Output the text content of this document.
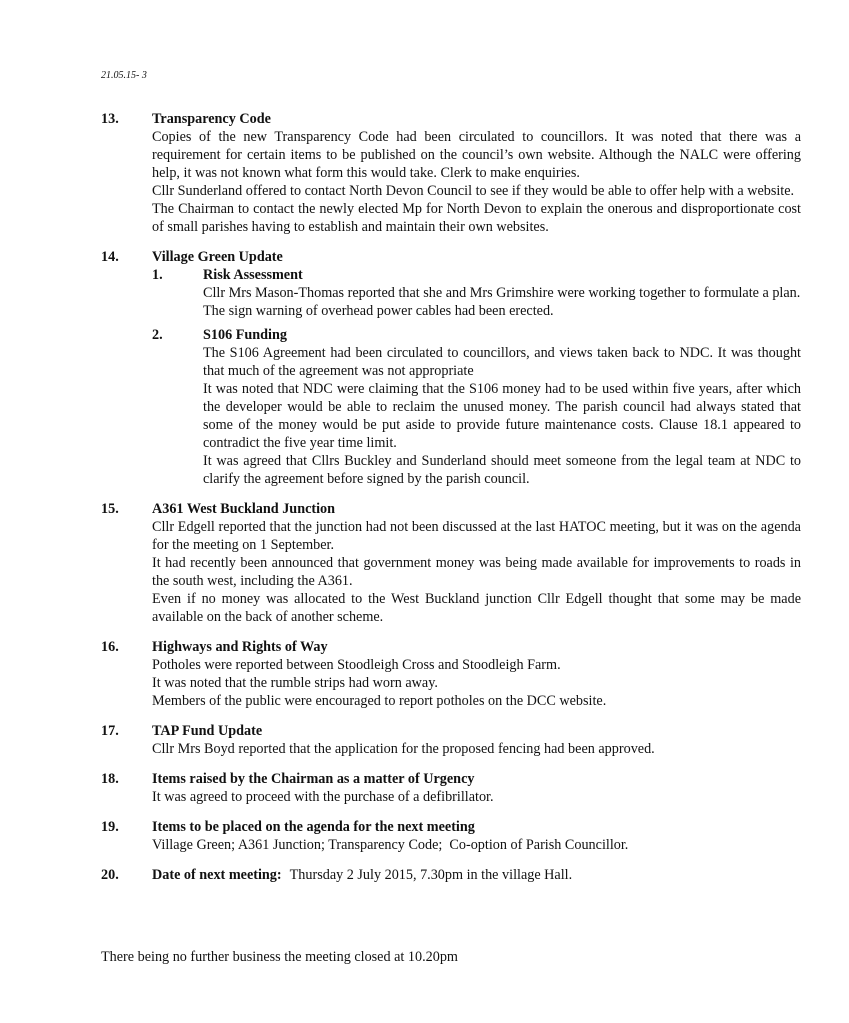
21.05.15- 3
13. Transparency Code
Copies of the new Transparency Code had been circulated to councillors. It was noted that there was a requirement for certain items to be published on the council’s own website. Although the NALC were offering help, it was not known what form this would take. Clerk to make enquiries.
Cllr Sunderland offered to contact North Devon Council to see if they would be able to offer help with a website.
The Chairman to contact the newly elected Mp for North Devon to explain the onerous and disproportionate cost of small parishes having to establish and maintain their own websites.
14. Village Green Update
1.	Risk Assessment
Cllr Mrs Mason-Thomas reported that she and Mrs Grimshire were working together to formulate a plan.
The sign warning of overhead power cables had been erected.
2.	S106 Funding
The S106 Agreement had been circulated to councillors, and views taken back to NDC. It was thought that much of the agreement was not appropriate
It was noted that NDC were claiming that the S106 money had to be used within five years, after which the developer would be able to reclaim the unused money. The parish council had always stated that some of the money would be put aside to provide future maintenance costs. Clause 18.1 appeared to contradict the five year time limit.
It was agreed that Cllrs Buckley and Sunderland should meet someone from the legal team at NDC to clarify the agreement before signed by the parish council.
15. A361 West Buckland Junction
Cllr Edgell reported that the junction had not been discussed at the last HATOC meeting, but it was on the agenda for the meeting on 1 September.
It had recently been announced that government money was being made available for improvements to roads in the south west, including the A361.
Even if no money was allocated to the West Buckland junction Cllr Edgell thought that some may be made available on the back of another scheme.
16. Highways and Rights of Way
Potholes were reported between Stoodleigh Cross and Stoodleigh Farm.
It was noted that the rumble strips had worn away.
Members of the public were encouraged to report potholes on the DCC website.
17. TAP Fund Update
Cllr Mrs Boyd reported that the application for the proposed fencing had been approved.
18. Items raised by the Chairman as a matter of Urgency
It was agreed to proceed with the purchase of a defibrillator.
19. Items to be placed on the agenda for the next meeting
Village Green; A361 Junction; Transparency Code;  Co-option of Parish Councillor.
20. Date of next meeting: Thursday 2 July 2015, 7.30pm in the village Hall.
There being no further business the meeting closed at 10.20pm
